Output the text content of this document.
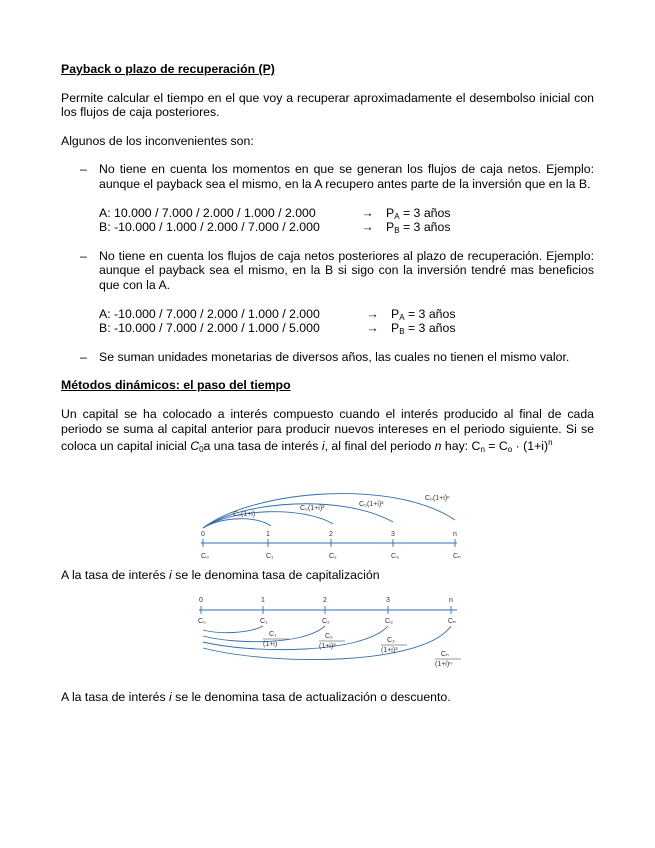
Payback o plazo de recuperación (P)

Permite calcular el tiempo en el que voy a recuperar aproximadamente el desembolso inicial con los flujos de caja posteriores.

Algunos de los inconvenientes son:

– No tiene en cuenta los momentos en que se generan los flujos de caja netos. Ejemplo: aunque el payback sea el mismo, en la A recupero antes parte de la inversión que en la B.
A: 10.000 / 7.000 / 2.000 / 1.000 / 2.000	→	$P_A = 3$ años
B: -10.000 / 1.000 / 2.000 / 7.000 / 2.000	→	$P_B = 3$ años
– No tiene en cuenta los flujos de caja netos posteriores al plazo de recuperación. Ejemplo: aunque el payback sea el mismo, en la B si sigo con la inversión tendré mas beneficios que con la A.
A: -10.000 / 7.000 / 2.000 / 1.000 / 2.000	→	$P_A = 3$ años
B: -10.000 / 7.000 / 2.000 / 1.000 / 5.000	→	$P_B = 3$ años
– Se suman unidades monetarias de diversos años, las cuales no tienen el mismo valor.

Métodos dinámicos: el paso del tiempo

Un capital se ha colocado a interés compuesto cuando el interés producido al final de cada periodo se suma al capital anterior para producir nuevos intereses en el periodo siguiente. Si se coloca un capital inicial $C_0a$ una tasa de interés i, al final del periodo n hay: $C_n = C_o \cdot (1+i)^n$

0	1	2	3	n
C₀	C₁	C₂	C₃	Cₙ
C₀(1+i)
C₀(1+i)²
C₀(1+i)³
C₀(1+i)ⁿ

A la tasa de interés i se le denomina tasa de capitalización

0	1	2	3	n
C₀	C₁	C₂	C₃	Cₙ
C₁
(1+i)
C₂
(1+i)²
C₃
(1+i)³
Cₙ
(1+i)ⁿ

A la tasa de interés i se le denomina tasa de actualización o descuento.
